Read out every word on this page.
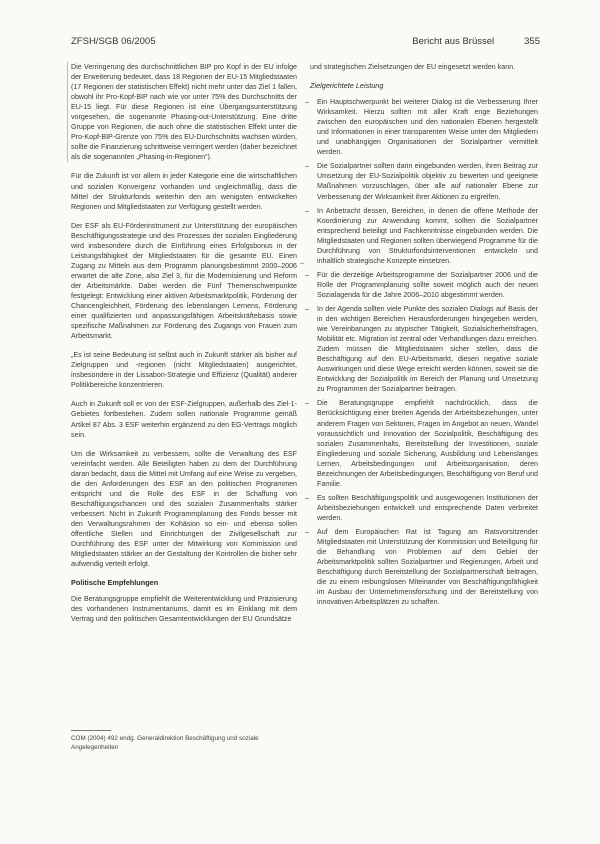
ZFSH/SGB 06/2005	Bericht aus Brüssel	355

Die Verringerung des durchschnittlichen BIP pro Kopf in der EU infolge der Erweiterung bedeutet, dass 18 Regionen der EU-15 Mitgliedstaaten (17 Regionen der statistischen Effekt) nicht mehr unter das Ziel 1 fallen, obwohl ihr Pro-Kopf-BIP nach wie vor unter 75% des Durchschnitts der EU-15 liegt. Für diese Regionen ist eine Übergangsunterstützung vorgesehen, die sogenannte Phasing-out-Unterstützung. Eine dritte Gruppe von Regionen, die auch ohne die statistischen Effekt unter die Pro-Kopf-BIP-Grenze von 75% des EU-Durchschnitts wachsen würden, sollte die Finanzierung schrittweise verringert werden (daher bezeichnet als die sogenannten „Phasing-in-Regionen“).

Für die Zukunft ist vor allem in jeder Kategorie eine die wirtschaftlichen und sozialen Konvergenz vorhanden und ungleichmäßig, dass die Mittel der Strukturfonds weiterhin den am wenigsten entwickelten Regionen und Mitgliedstaaten zur Verfügung gestellt werden.

Der ESF als EU-Förderinstrument zur Unterstützung der europäischen Beschäftigungsstrategie und des Prozesses der sozialen Eingliederung wird insbesondere durch die Einführung eines Erfolgsbonus in der Leistungsfähigkeit der Mitgliedstaaten für die gesamte EU. Einen Zugang zu Mitteln aus dem Programm planungsbestimmt 2000–2006 erwartet die alte Zone, also Ziel 3, für die Modernisierung und Reform der Arbeitsmärkte. Dabei werden die Fünf Themenschwerpunkte festgelegt: Entwicklung einer aktiven Arbeitsmarktpolitik, Förderung der Chancengleichheit, Förderung des lebenslangen Lernens, Förderung einer qualifizierten und anpassungsfähigen Arbeitskräftebasis sowie spezifische Maßnahmen zur Förderung des Zugangs von Frauen zum Arbeitsmarkt.

„Es ist seine Bedeutung ist selbst auch in Zukunft stärker als bisher auf Zielgruppen und -regionen (nicht Mitgliedstaaten) ausgerichtet, insbesondere in der Lissabon-Strategie und Effizienz (Qualität) anderer Politikbereiche konzentrieren.

Auch in Zukunft soll er von der ESF-Zielgruppen, außerhalb des Ziel-1-Gebietes fortbestehen. Zudem sollen nationale Programme gemäß Artikel 87 Abs. 3 ESF weiterhin ergänzend zu den EG-Vertrags möglich sein.

Um die Wirksamkeit zu verbessern, sollte die Verwaltung des ESF vereinfacht werden. Alle Beteiligten haben zu dem der Durchführung daran bedacht, dass die Mittel mit Umfang auf eine Weise zu vergeben, die den Anforderungen des ESF an den politischen Programmen entspricht und die Rolle des ESF in der Schaffung von Beschäftigungschancen und des sozialen Zusammenhalts stärker verbessert. Nicht in Zukunft Programmplanung des Fonds besser mit den Verwaltungsrahmen der Kohäsion so ein- und ebenso sollen öffentliche Stellen und Einrichtungen der Zivilgesellschaft zur Durchführung des ESF unter der Mitwirkung von Kommission und Mitgliedstaaten stärker an der Gestaltung der Kontrollen die bisher sehr aufwendig verteilt erfolgt.

Politische Empfehlungen

Die Beratungsgruppe empfiehlt die Weiterentwicklung und Präzisierung des vorhandenen Instrumentariums, damit es im Einklang mit dem Vertrag und den politischen Gesamtentwicklungen der EU Grundsätze

COM (2004) 492 endg. Generaldirektion Beschäftigung und soziale Angelegenheiten
–

und strategischen Zielsetzungen der EU eingesetzt werden kann.

Zielgerichtete Leistung
– Ein Hauptschwerpunkt bei weiterer Dialog ist die Verbesserung Ihrer Wirksamkeit. Hierzu sollten mit aller Kraft enge Beziehungen zwischen den europäischen und den nationalen Ebenen hergestellt und Informationen in einer transparenten Weise unter den Mitgliedern und unabhängigen Organisationen der Sozialpartner vermittelt werden.
– Die Sozialpartner sollten darin eingebunden werden, ihren Beitrag zur Umsetzung der EU-Sozialpolitik objektiv zu bewerten und geeignete Maßnahmen vorzuschlagen, über alle auf nationaler Ebene zur Verbesserung der Wirksamkeit ihrer Aktionen zu ergreifen.
– In Anbetracht dessen, Bereichen, in denen die offene Methode der Koordinierung zur Anwendung kommt, sollten die Sozialpartner entsprechend beteiligt und Fachkenntnisse eingebunden werden. Die Mitgliedstaaten und Regionen sollten überwiegend Programme für die Durchführung von Strukturfondsinterventionen entwickeln und inhaltlich strategische Konzepte einsetzen.
– Für die derzeitige Arbeitsprogramme der Sozialpartner 2006 und die Rolle der Programmplanung sollte soweit möglich auch der neuen Sozialagenda für die Jahre 2006–2010 abgestimmt werden.
– In der Agenda sollten viele Punkte des sozialen Dialogs auf Basis der in den wichtigen Bereichen Herausforderungen hingegeben werden, wie Vereinbarungen zu atypischer Tätigkeit, Sozialsicherheitsfragen, Mobilität etc. Migration ist zentral oder Verhandlungen dazu erreichen. Zudem müssen die Mitgliedstaaten sicher stellen, dass die Beschäftigung auf den EU-Arbeitsmarkt, diesen negative soziale Auswirkungen und diese Wege erreicht werden können, soweit sie die Entwicklung der Sozialpolitik im Bereich der Planung und Umsetzung zu Programmen der Sozialpartner beitragen.
– Die Beratungsgruppe empfiehlt nachdrücklich, dass die Berücksichtigung einer breiten Agenda der Arbeitsbeziehungen, unter anderem Fragen von Sektoren, Fragen im Angebot an neuen, Wandel voraussichtlich und Innovation der Sozialpolitik, Beschäftigung des sozialen Zusammenhalts, Bereitstellung der Investitionen, soziale Eingliederung und soziale Sicherung, Ausbildung und Lebenslanges Lernen, Arbeitsbedingungen und Arbeitsorganisation, deren Bezeichnungen der Arbeitsbedingungen, Beschäftigung von Beruf und Familie.
– Es sollten Beschäftigungspolitik und ausgewogenen Institutionen der Arbeitsbeziehungen entwickelt und entsprechende Daten verbreitet werden.
– Auf dem Europäischen Rat ist Tagung am Ratsvorsitzender Mitgliedstaaten mit Unterstützung der Kommission und Beteiligung für die Behandlung von Problemen auf dem Gebiet der Arbeitsmarktpolitik sollten Sozialpartner und Regierungen, Arbeit und Beschäftigung durch Bereitstellung der Sozialpartnerschaft beitragen, die zu einem reibungslosen Miteinander von Beschäftigungsfähigkeit im Ausbau der Unternehmensforschung und der Bereitstellung von innovativen Arbeitsplätzen zu schaffen.
